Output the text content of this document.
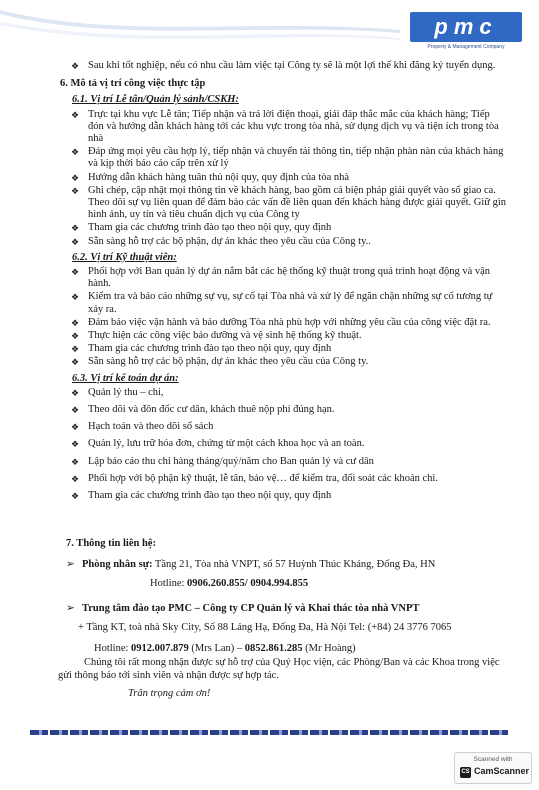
pmc
Property & Management Company
❖ Sau khi tốt nghiệp, nếu có nhu cầu làm việc tại Công ty sẽ là một lợi thế khi đăng ký tuyển dụng.
6. Mô tả vị trí công việc thực tập
6.1. Vị trí Lễ tân/Quản lý sảnh/CSKH:
❖ Trực tại khu vực Lễ tân; Tiếp nhận và trả lời điện thoại, giải đáp thắc mắc của khách hàng; Tiếp đón và hướng dẫn khách hàng tới các khu vực trong tòa nhà, sử dụng dịch vụ và tiện ích trong tòa nhà
❖ Đáp ứng mọi yêu cầu hợp lý, tiếp nhận và chuyển tải thông tin, tiếp nhận phàn nàn của khách hàng và kịp thời báo cáo cấp trên xử lý
❖ Hướng dẫn khách hàng tuân thủ nội quy, quy định của tòa nhà
❖ Ghi chép, cập nhật mọi thông tin về khách hàng, bao gồm cả biện pháp giải quyết vào sổ giao ca. Theo dõi sự vụ liên quan để đảm bảo các vấn đề liên quan đến khách hàng được giải quyết. Giữ gìn hình ảnh, uy tín và tiêu chuẩn dịch vụ của Công ty
❖ Tham gia các chương trình đào tạo theo nội quy, quy định
❖ Sẵn sàng hỗ trợ các bộ phận, dự án khác theo yêu cầu của Công ty..
6.2. Vị trí Kỹ thuật viên:
❖ Phối hợp với Ban quản lý dự án nắm bắt các hệ thống kỹ thuật trong quá trình hoạt động và vận hành.
❖ Kiểm tra và báo cáo những sự vụ, sự cố tại Tòa nhà và xử lý để ngăn chặn những sự cố tương tự xảy ra.
❖ Đảm bảo việc vận hành và bảo dưỡng Tòa nhà phù hợp với những yêu cầu của công việc đặt ra.
❖ Thực hiện các công việc bảo dưỡng và vệ sinh hệ thống kỹ thuật.
❖ Tham gia các chương trình đào tạo theo nội quy, quy định
❖ Sẵn sàng hỗ trợ các bộ phận, dự án khác theo yêu cầu của Công ty.
6.3. Vị trí kế toán dự án:
❖ Quản lý thu – chi,
❖ Theo dõi và đôn đốc cư dân, khách thuê nộp phí đúng hạn.
❖ Hạch toán và theo dõi sổ sách
❖ Quản lý, lưu trữ hóa đơn, chứng từ một cách khoa học và an toàn.
❖ Lập báo cáo thu chi hàng tháng/quý/năm cho Ban quản lý và cư dân
❖ Phối hợp với bộ phận kỹ thuật, lễ tân, bảo vệ… để kiểm tra, đối soát các khoản chi.
❖ Tham gia các chương trình đào tạo theo nội quy, quy định
7. Thông tin liên hệ:
➢ Phòng nhân sự: Tầng 21, Tòa nhà VNPT, số 57 Huỳnh Thúc Kháng, Đống Đa, HN
Hotline: 0906.260.855/ 0904.994.855
➢ Trung tâm đào tạo PMC – Công ty CP Quản lý và Khai thác tòa nhà VNPT
+ Tầng KT, toà nhà Sky City, Số 88 Láng Hạ, Đống Đa, Hà Nội Tel: (+84) 24 3776 7065
Hotline: 0912.007.879 (Mrs Lan) – 0852.861.285 (Mr Hoàng)

Chúng tôi rất mong nhận được sự hỗ trợ của Quý Học viện, các Phòng/Ban và các Khoa trong việc gửi thông báo tới sinh viên và nhận được sự hợp tác.

Trân trọng cảm ơn!
Scanned with
CS CamScanner
